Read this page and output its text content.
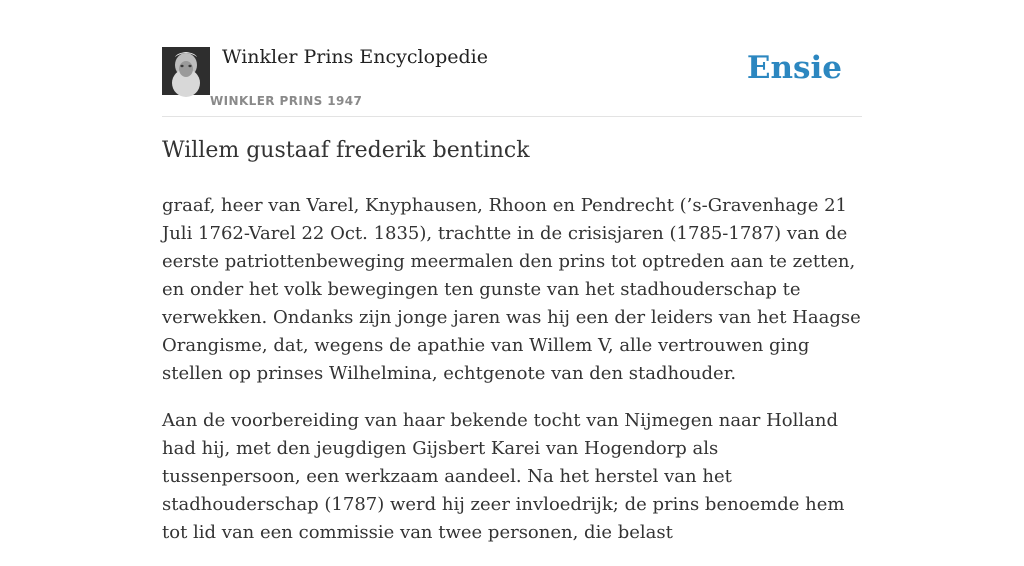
Winkler Prins Encyclopedie
WINKLER PRINS 1947
Ensie
Willem gustaaf frederik bentinck

graaf, heer van Varel, Knyphausen, Rhoon en Pendrecht (’s-Gravenhage 21 Juli 1762-Varel 22 Oct. 1835), trachtte in de crisisjaren (1785-1787) van de eerste patriottenbeweging meermalen den prins tot optreden aan te zetten, en onder het volk bewegingen ten gunste van het stadhouderschap te verwekken. Ondanks zijn jonge jaren was hij een der leiders van het Haagse Orangisme, dat, wegens de apathie van Willem V, alle vertrouwen ging stellen op prinses Wilhelmina, echtgenote van den stadhouder.

Aan de voorbereiding van haar bekende tocht van Nijmegen naar Holland had hij, met den jeugdigen Gijsbert Karei van Hogendorp als tussenpersoon, een werkzaam aandeel. Na het herstel van het stadhouderschap (1787) werd hij zeer invloedrijk; de prins benoemde hem tot lid van een commissie van twee personen, die belast
